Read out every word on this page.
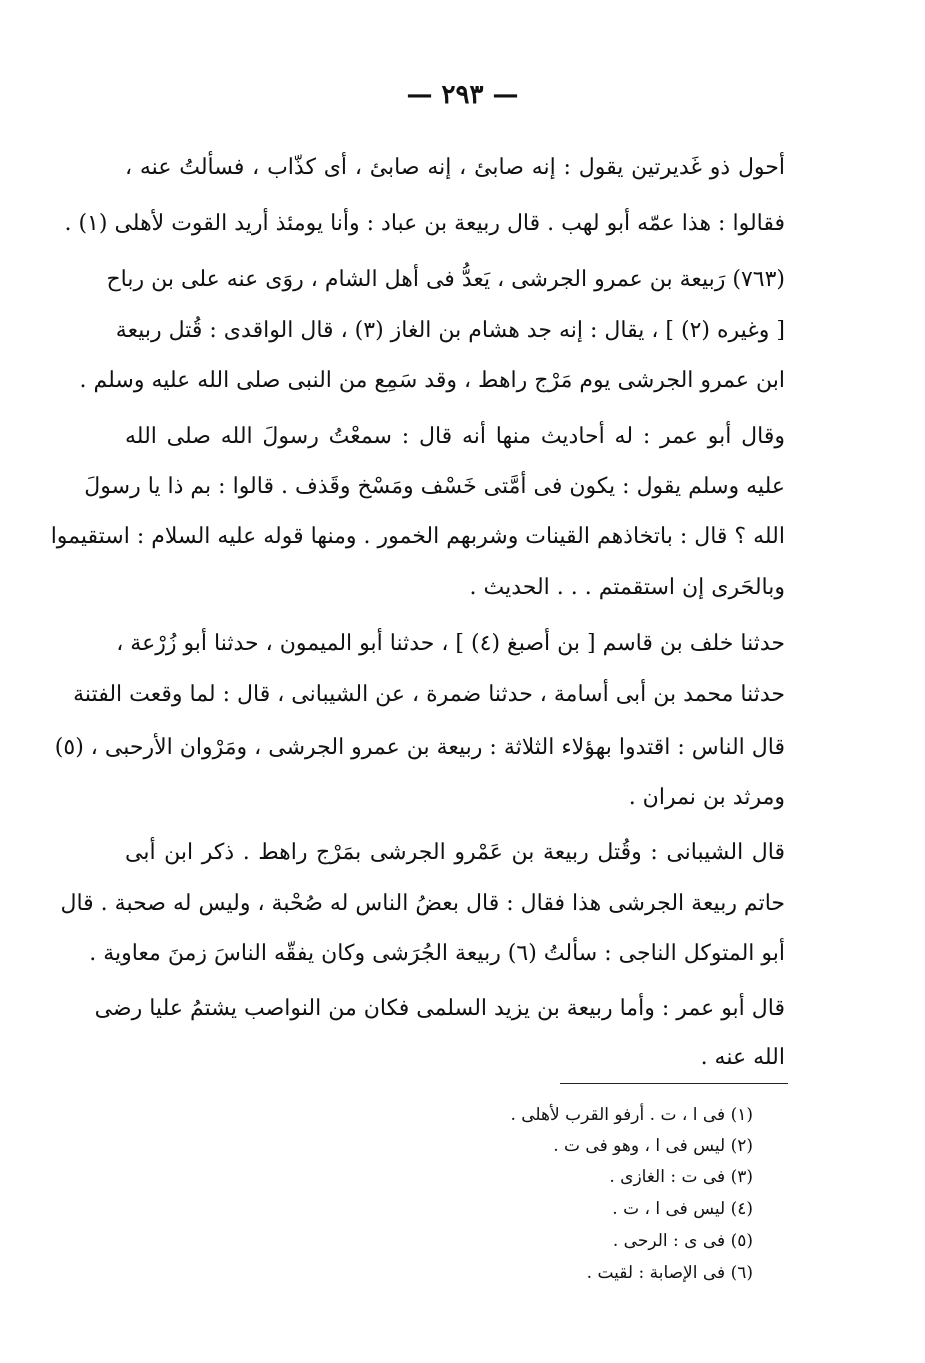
— ٢٩٣ —
أحول ذو غَديرتين يقول : إنه صابئ ، إنه صابئ ، أى كذّاب ، فسألتُ عنه ،
فقالوا : هذا عمّه أبو لهب . قال ربيعة بن عباد : وأنا يومئذ أريد القوت لأهلى (١) .
(٧٦٣) رَبيعة بن عمرو الجرشى ، يَعدُّ فى أهل الشام ، روَى عنه على بن رباح
[ وغيره (٢) ] ، يقال : إنه جد هشام بن الغاز (٣) ، قال الواقدى : قُتل ربيعة
ابن عمرو الجرشى يوم مَرْج راهط ، وقد سَمِع من النبى صلى الله عليه وسلم .
وقال أبو عمر : له أحاديث منها أنه قال : سمعْتُ رسولَ الله صلى الله
عليه وسلم يقول : يكون فى أمَّتى خَسْف ومَسْخ وقَذف . قالوا : بم ذا يا رسولَ
الله ؟ قال : باتخاذهم القينات وشربهم الخمور . ومنها قوله عليه السلام : استقيموا
وبالحَرى إن استقمتم . . . الحديث .
حدثنا خلف بن قاسم [ بن أصبغ (٤) ] ، حدثنا أبو الميمون ، حدثنا أبو زُرْعة ،
حدثنا محمد بن أبى أسامة ، حدثنا ضمرة ، عن الشيبانى ، قال : لما وقعت الفتنة
قال الناس : اقتدوا بهؤلاء الثلاثة : ربيعة بن عمرو الجرشى ، ومَرْوان الأرحبى ، (٥)
ومرثد بن نمران .
قال الشيبانى : وقُتل ربيعة بن عَمْرو الجرشى بمَرْج راهط . ذكر ابن أبى
حاتم ربيعة الجرشى هذا فقال : قال بعضُ الناس له صُحْبة ، وليس له صحبة . قال
أبو المتوكل الناجى : سألتُ (٦) ربيعة الجُرَشى وكان يفقّه الناسَ زمنَ معاوية .
قال أبو عمر : وأما ربيعة بن يزيد السلمى فكان من النواصب يشتمُ عليا رضى
الله عنه .
(١) فى ا ، ت . أرفو القرب لأهلى .
(٢) ليس فى ا ، وهو فى ت .
(٣) فى ت : الغازى .
(٤) ليس فى ا ، ت .
(٥) فى ى : الرحى .
(٦) فى الإصابة : لقيت .
